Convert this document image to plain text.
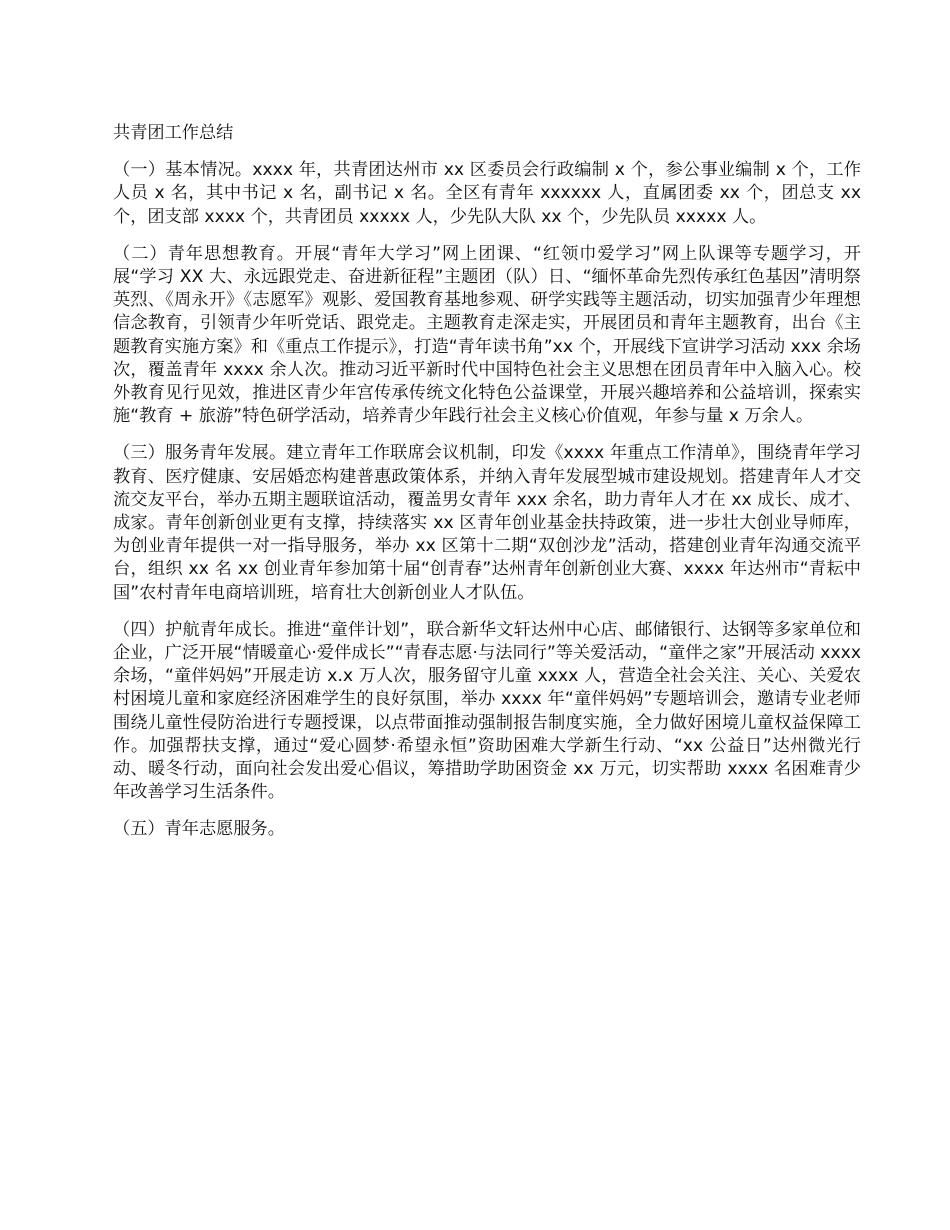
共青团工作总结

（一）基本情况。xxxx 年，共青团达州市 xx 区委员会行政编制 x 个，参公事业编制 x 个，工作人员 x 名，其中书记 x 名，副书记 x 名。全区有青年 xxxxxx 人，直属团委 xx 个，团总支 xx 个，团支部 xxxx 个，共青团员 xxxxx 人，少先队大队 xx 个，少先队员 xxxxx 人。

（二）青年思想教育。开展“青年大学习”网上团课、“红领巾爱学习”网上队课等专题学习，开展“学习 XX 大、永远跟党走、奋进新征程”主题团（队）日、“缅怀革命先烈传承红色基因”清明祭英烈、《周永开》《志愿军》观影、爱国教育基地参观、研学实践等主题活动，切实加强青少年理想信念教育，引领青少年听党话、跟党走。主题教育走深走实，开展团员和青年主题教育，出台《主题教育实施方案》和《重点工作提示》，打造“青年读书角”xx 个，开展线下宣讲学习活动 xxx 余场次，覆盖青年 xxxx 余人次。推动习近平新时代中国特色社会主义思想在团员青年中入脑入心。校外教育见行见效，推进区青少年宫传承传统文化特色公益课堂，开展兴趣培养和公益培训，探索实施“教育 + 旅游”特色研学活动，培养青少年践行社会主义核心价值观，年参与量 x 万余人。

（三）服务青年发展。建立青年工作联席会议机制，印发《xxxx 年重点工作清单》，围绕青年学习教育、医疗健康、安居婚恋构建普惠政策体系，并纳入青年发展型城市建设规划。搭建青年人才交流交友平台，举办五期主题联谊活动，覆盖男女青年 xxx 余名，助力青年人才在 xx 成长、成才、成家。青年创新创业更有支撑，持续落实 xx 区青年创业基金扶持政策，进一步壮大创业导师库，为创业青年提供一对一指导服务，举办 xx 区第十二期“双创沙龙”活动，搭建创业青年沟通交流平台，组织 xx 名 xx 创业青年参加第十届“创青春”达州青年创新创业大赛、xxxx 年达州市“青耘中国”农村青年电商培训班，培育壮大创新创业人才队伍。

（四）护航青年成长。推进“童伴计划”，联合新华文轩达州中心店、邮储银行、达钢等多家单位和企业，广泛开展“情暖童心·爱伴成长”“青春志愿·与法同行”等关爱活动，“童伴之家”开展活动 xxxx 余场，“童伴妈妈”开展走访 x.x 万人次，服务留守儿童 xxxx 人，营造全社会关注、关心、关爱农村困境儿童和家庭经济困难学生的良好氛围，举办 xxxx 年“童伴妈妈”专题培训会，邀请专业老师围绕儿童性侵防治进行专题授课，以点带面推动强制报告制度实施，全力做好困境儿童权益保障工作。加强帮扶支撑，通过“爱心圆梦·希望永恒”资助困难大学新生行动、“xx 公益日”达州微光行动、暖冬行动，面向社会发出爱心倡议，筹措助学助困资金 xx 万元，切实帮助 xxxx 名困难青少年改善学习生活条件。

（五）青年志愿服务。
